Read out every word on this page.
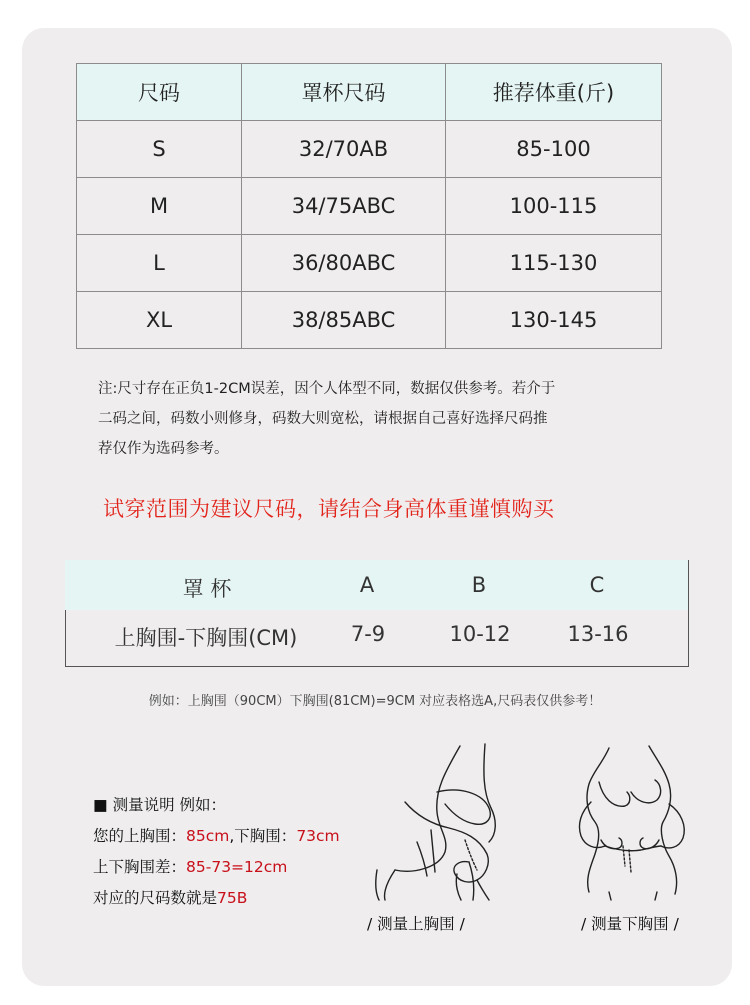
尺码	罩杯尺码	推荐体重(斤)
S	32/70AB	85-100
M	34/75ABC	100-115
L	36/80ABC	115-130
XL	38/85ABC	130-145
注:尺寸存在正负1-2CM误差，因个人体型不同，数据仅供参考。若介于
二码之间，码数小则修身，码数大则宽松，请根据自己喜好选择尺码推
荐仅作为选码参考。
试穿范围为建议尺码，请结合身高体重谨慎购买
罩 杯	A	B	C
上胸围-下胸围(CM)	7-9	10-12	13-16
例如：上胸围（90CM）下胸围(81CM)=9CM 对应表格选A,尺码表仅供参考！
■ 测量说明 例如：
您的上胸围：85cm,下胸围：73cm
上下胸围差：85-73=12cm
对应的尺码数就是75B
/ 测量上胸围 /	/ 测量下胸围 /
